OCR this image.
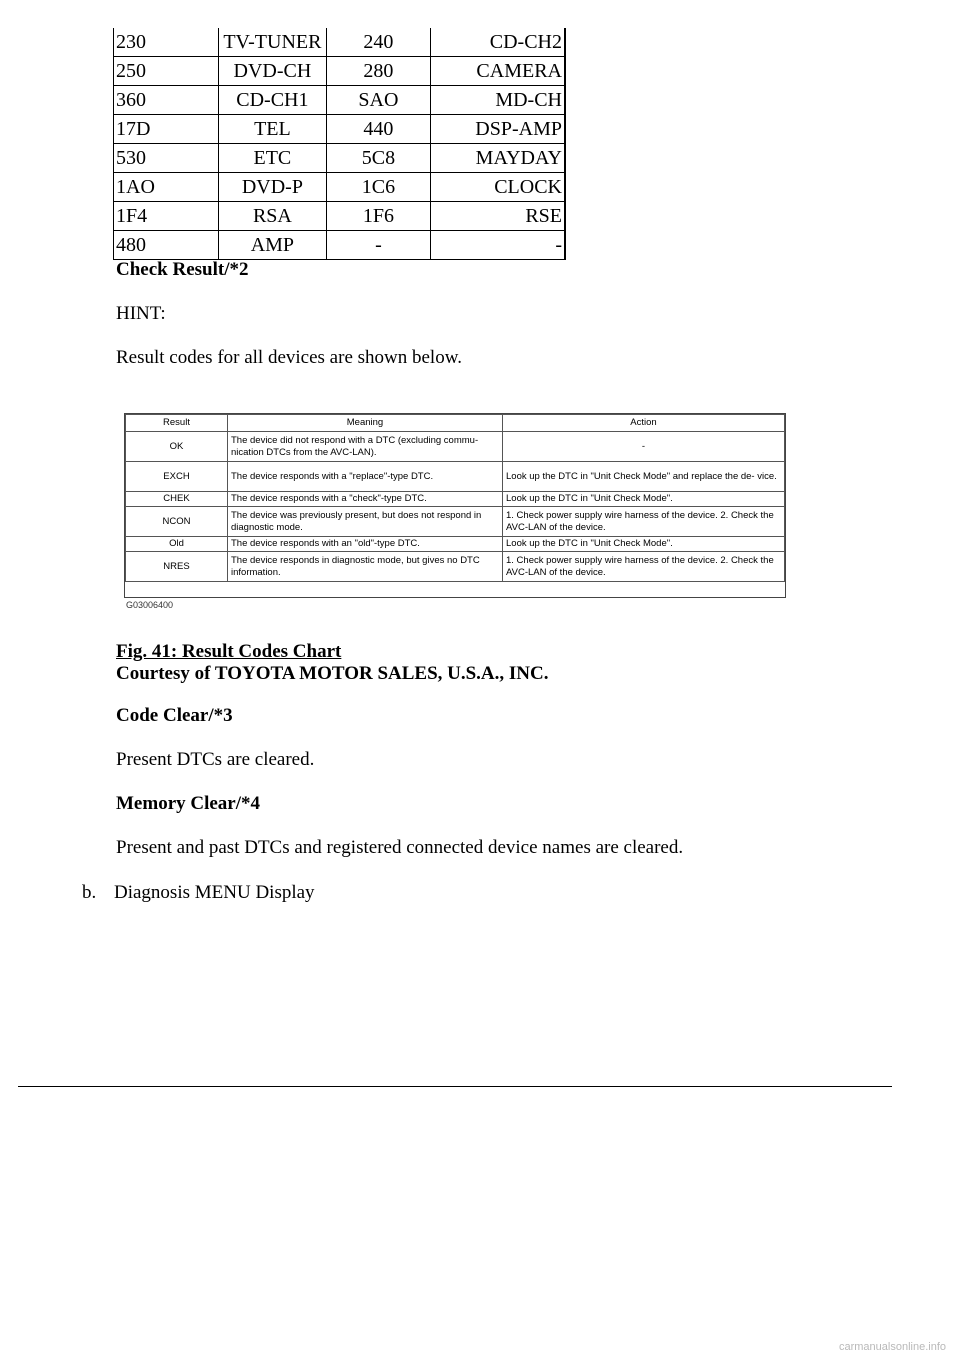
230	TV-TUNER	240	CD-CH2
250	DVD-CH	280	CAMERA
360	CD-CH1	SAO	MD-CH
17D	TEL	440	DSP-AMP
530	ETC	5C8	MAYDAY
1AO	DVD-P	1C6	CLOCK
1F4	RSA	1F6	RSE
480	AMP	-	-

Check Result/*2

HINT:

Result codes for all devices are shown below.

Result	Meaning	Action
OK	The device did not respond with a DTC (excluding commu- nication DTCs from the AVC-LAN).	-
EXCH	The device responds with a "replace"-type DTC.	Look up the DTC in "Unit Check Mode" and replace the de- vice.
CHEK	The device responds with a "check"-type DTC.	Look up the DTC in "Unit Check Mode".
NCON	The device was previously present, but does not respond in diagnostic mode.	1. Check power supply wire harness of the device. 2. Check the AVC-LAN of the device.
Old	The device responds with an "old"-type DTC.	Look up the DTC in "Unit Check Mode".
NRES	The device responds in diagnostic mode, but gives no DTC information.	1. Check power supply wire harness of the device. 2. Check the AVC-LAN of the device.
G03006400

Fig. 41: Result Codes Chart

Courtesy of TOYOTA MOTOR SALES, U.S.A., INC.

Code Clear/*3

Present DTCs are cleared.

Memory Clear/*4

Present and past DTCs and registered connected device names are cleared.

b. Diagnosis MENU Display

carmanualsonline.info
